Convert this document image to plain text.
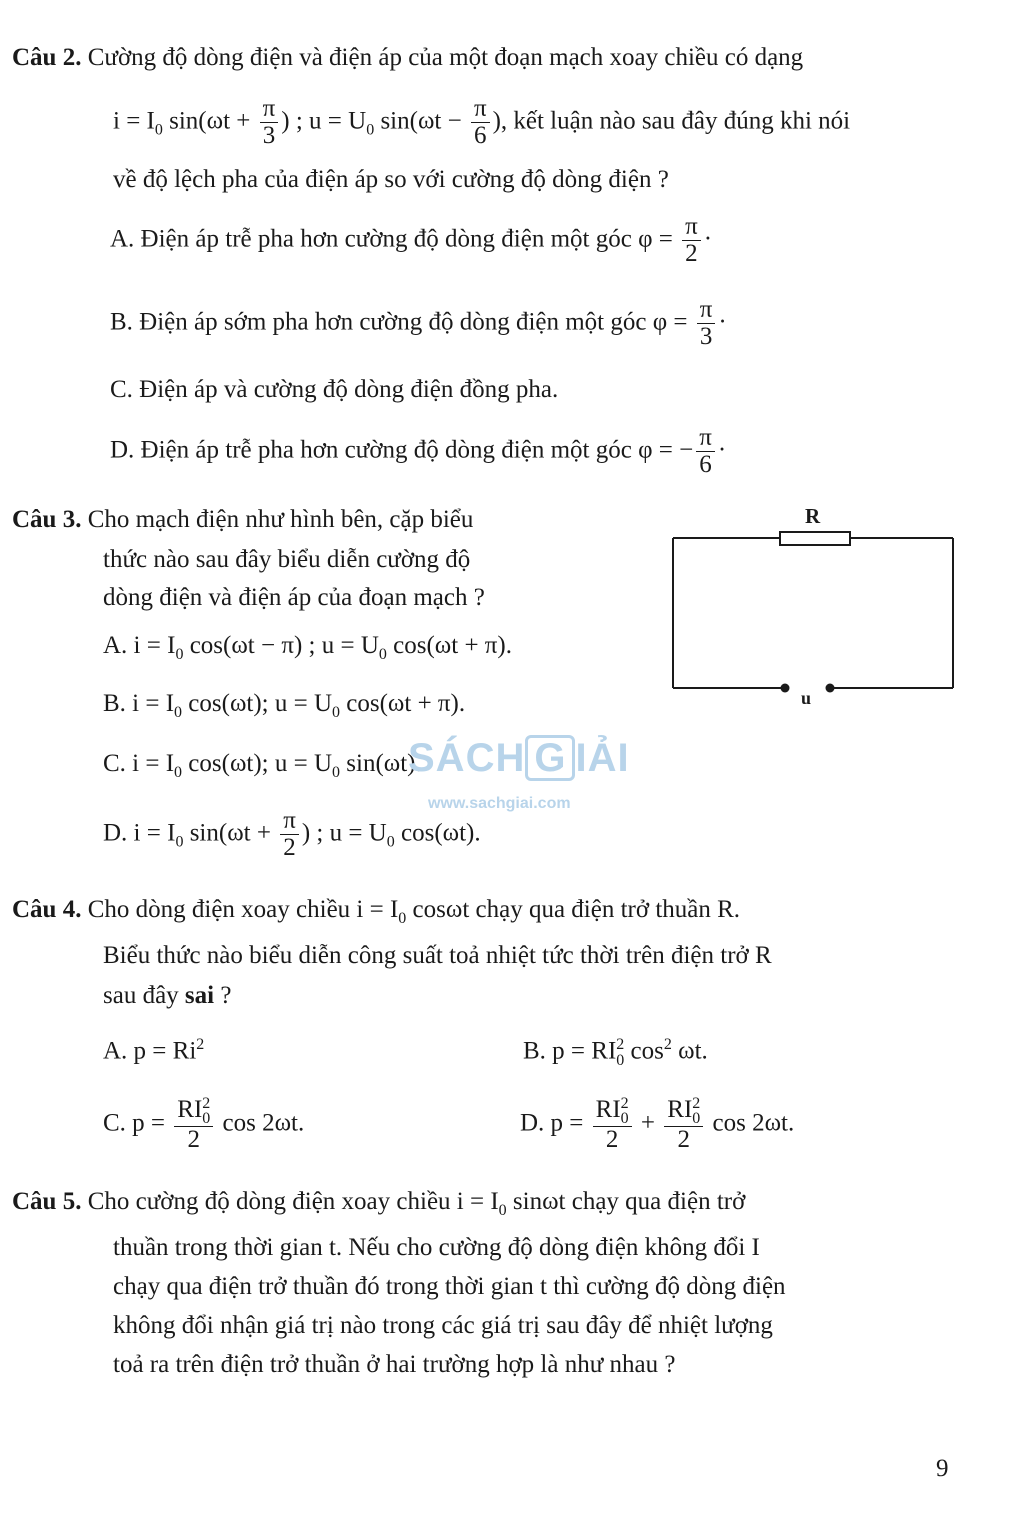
Câu 2. Cường độ dòng điện và điện áp của một đoạn mạch xoay chiều có dạng
$i = I_0$ $\sin(\omega t + \frac{\pi}{3}$ ) ; $u = U_0$ $\sin(\omega t - \frac{\pi}{6}$ ), kết luận nào sau đây đúng khi nói
về độ lệch pha của điện áp so với cường độ dòng điện ?
A. Điện áp trễ pha hơn cường độ dòng điện một góc $\varphi = \frac{\pi}{2}$ ·
B. Điện áp sớm pha hơn cường độ dòng điện một góc $\varphi = \frac{\pi}{3}$ ·
C. Điện áp và cường độ dòng điện đồng pha.
D. Điện áp trễ pha hơn cường độ dòng điện một góc φ = − $\frac{\pi}{6}$ ·
Câu 3. Cho mạch điện như hình bên, cặp biểu
thức nào sau đây biểu diễn cường độ
dòng điện và điện áp của đoạn mạch ?
A. $i = I_0$ cos(ωt − π) ; $u = U_0$ cos(ωt + π).
B. $i = I_0$ cos(ωt); $u = U_0$ cos(ωt + π).
C. $i = I_0$ cos(ωt); $u = U_0$ sin(ωt).
D. $i = I_0$ $\sin(\omega t + \frac{\pi}{2}$ ) ; $u = U_0$ cos(ωt).
R
u
SÁCH G IẢI
www.sachgiai.com
Câu 4. Cho dòng điện xoay chiều $i = I_0$ cosωt chạy qua điện trở thuần R.
Biểu thức nào biểu diễn công suất toả nhiệt tức thời trên điện trở R
sau đây sai ?
A. $p = Ri^2$	B. p = RI 2
0 $\cos^2 \omega t$.
C. p = RI 2
0
2 cos 2ωt.	D. p = RI 2
0
2 + RI 2
0
2 cos 2ωt.
Câu 5. Cho cường độ dòng điện xoay chiều $i = I_0$ sinωt chạy qua điện trở
thuần trong thời gian t. Nếu cho cường độ dòng điện không đổi I
chạy qua điện trở thuần đó trong thời gian t thì cường độ dòng điện
không đổi nhận giá trị nào trong các giá trị sau đây để nhiệt lượng
toả ra trên điện trở thuần ở hai trường hợp là như nhau ?
9
